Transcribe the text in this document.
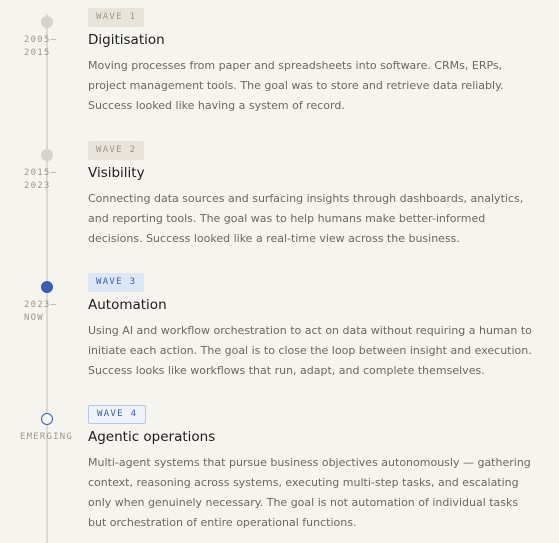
2005–
2015
WAVE 1
Digitisation

Moving processes from paper and spreadsheets into software. CRMs, ERPs, project management tools. The goal was to store and retrieve data reliably. Success looked like having a system of record.

2015–
2023
WAVE 2
Visibility

Connecting data sources and surfacing insights through dashboards, analytics, and reporting tools. The goal was to help humans make better-informed decisions. Success looked like a real-time view across the business.

2023–
NOW
WAVE 3
Automation

Using AI and workflow orchestration to act on data without requiring a human to initiate each action. The goal is to close the loop between insight and execution. Success looks like workflows that run, adapt, and complete themselves.

EMERGING
WAVE 4
Agentic operations

Multi-agent systems that pursue business objectives autonomously — gathering context, reasoning across systems, executing multi-step tasks, and escalating only when genuinely necessary. The goal is not automation of individual tasks but orchestration of entire operational functions.
